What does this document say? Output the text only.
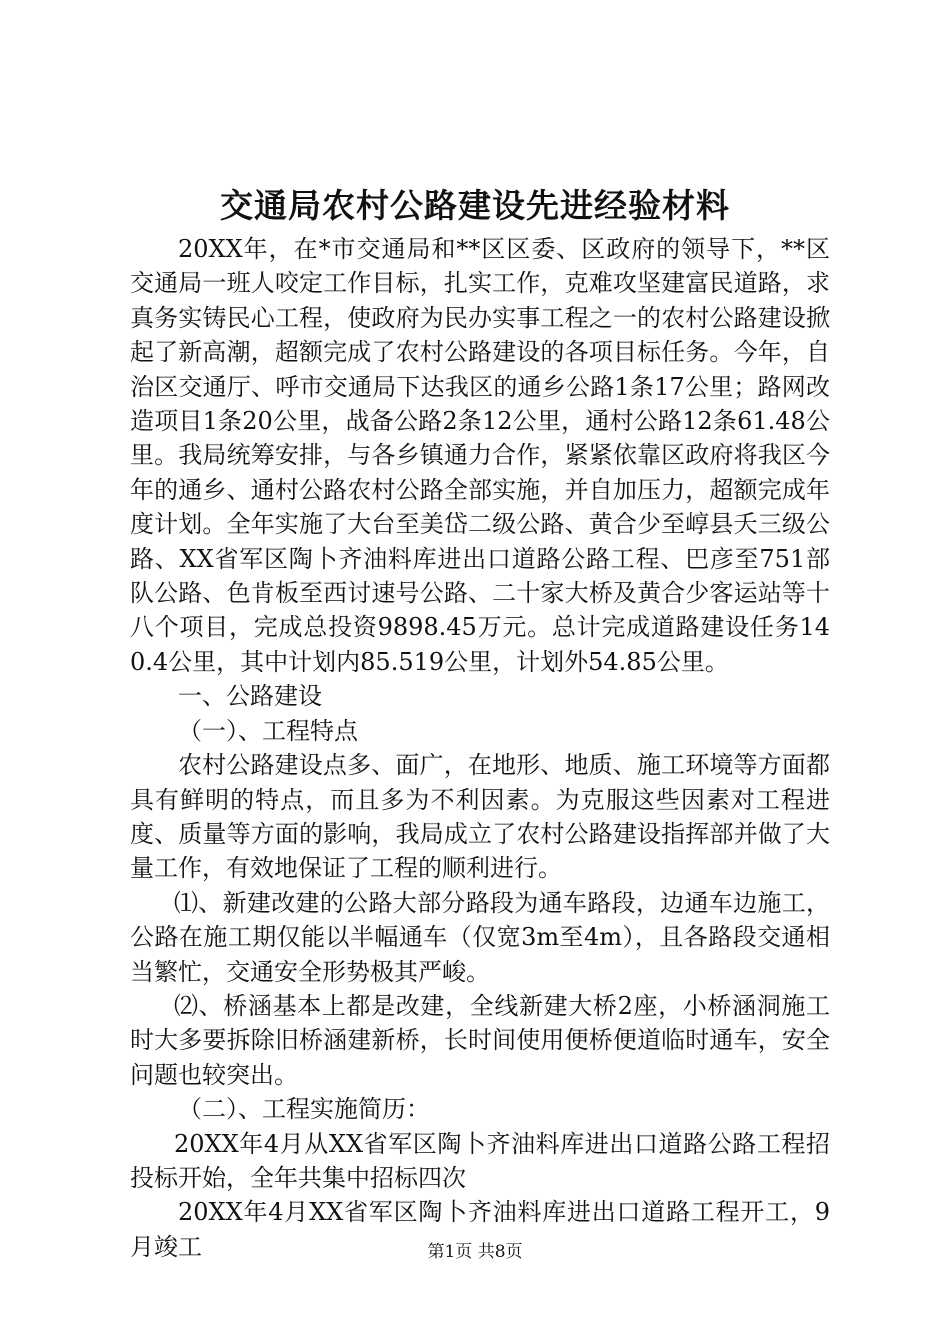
交通局农村公路建设先进经验材料

20XX年，在*市交通局和**区区委、区政府的领导下，**区交通局一班人咬定工作目标，扎实工作，克难攻坚建富民道路，求真务实铸民心工程，使政府为民办实事工程之一的农村公路建设掀起了新高潮，超额完成了农村公路建设的各项目标任务。今年，自治区交通厅、呼市交通局下达我区的通乡公路1条17公里；路网改造项目1条20公里，战备公路2条12公里，通村公路12条61.48公里。我局统筹安排，与各乡镇通力合作，紧紧依靠区政府将我区今年的通乡、通村公路农村公路全部实施，并自加压力，超额完成年度计划。全年实施了大台至美岱二级公路、黄合少至崞县夭三级公路、XX省军区陶卜齐油料库进出口道路公路工程、巴彦至751部队公路、色肯板至西讨速号公路、二十家大桥及黄合少客运站等十八个项目，完成总投资9898.45万元。总计完成道路建设任务140.4公里，其中计划内85.519公里，计划外54.85公里。

一、公路建设

（一）、工程特点

农村公路建设点多、面广，在地形、地质、施工环境等方面都具有鲜明的特点，而且多为不利因素。为克服这些因素对工程进度、质量等方面的影响，我局成立了农村公路建设指挥部并做了大量工作，有效地保证了工程的顺利进行。

⑴、新建改建的公路大部分路段为通车路段，边通车边施工，公路在施工期仅能以半幅通车（仅宽3m至4m），且各路段交通相当繁忙，交通安全形势极其严峻。

⑵、桥涵基本上都是改建，全线新建大桥2座，小桥涵洞施工时大多要拆除旧桥涵建新桥，长时间使用便桥便道临时通车，安全问题也较突出。

（二）、工程实施简历：

20XX年4月从XX省军区陶卜齐油料库进出口道路公路工程招投标开始，全年共集中招标四次

20XX年4月XX省军区陶卜齐油料库进出口道路工程开工，9月竣工	第1页 共8页
